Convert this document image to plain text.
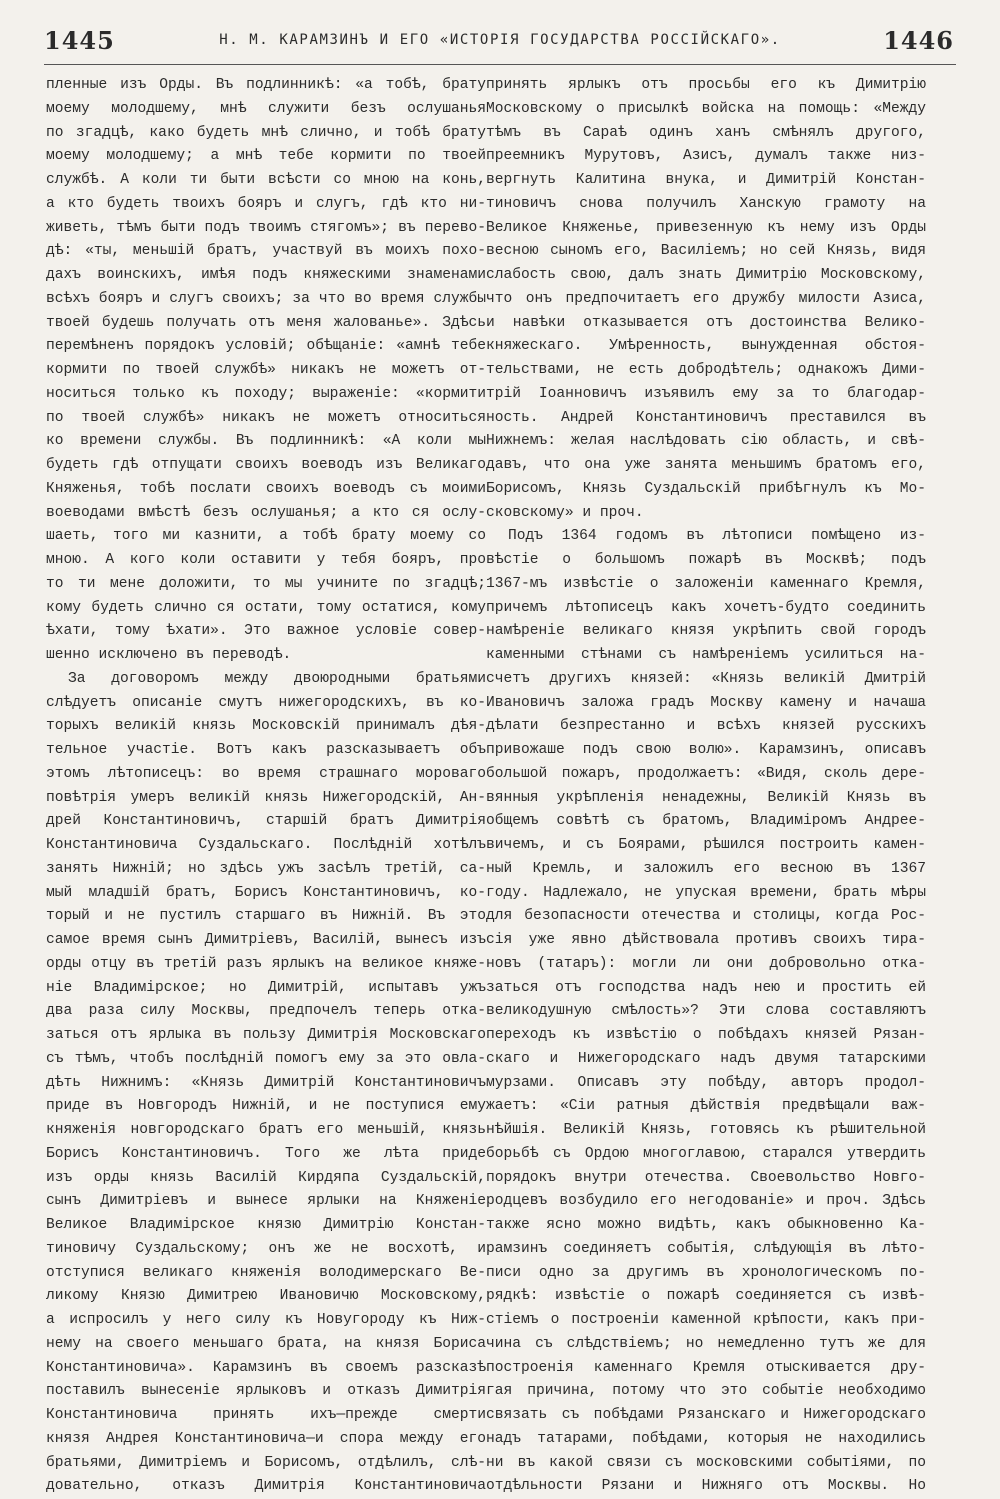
1445	Н. М. КАРАМЗИНЪ И ЕГО «ИСТОРІЯ ГОСУДАРСТВА РОССІЙСКАГО».	1446
пленные изъ Орды. Въ подлинникѣ: «а тобѣ, брату
моему молодшему, мнѣ служити безъ ослушанья
по згадцѣ, како будеть мнѣ слично, и тобѣ брату
моему молодшему; а мнѣ тебе кормити по твоей
службѣ. А коли ти быти всѣсти со мною на конь,
а кто будеть твоихъ бояръ и слугъ, гдѣ кто ни-
живеть, тѣмъ быти подъ твоимъ стягомъ»; въ перево-
дѣ: «ты, меньшій братъ, участвуй въ моихъ похо-
дахъ воинскихъ, имѣя подъ княжескими знаменами
всѣхъ бояръ и слугъ своихъ; за что во время службы
твоей будешь получать отъ меня жалованье». Здѣсь
перемѣненъ порядокъ условій; обѣщаніе: «амнѣ тебе
кормити по твоей службѣ» никакъ не можетъ от-
носиться только къ походу; выраженіе: «кормити
по твоей службѣ» никакъ не можетъ относиться
ко времени службы. Въ подлинникѣ: «А коли мы
будеть гдѣ отпущати своихъ воеводъ изъ Великаго
Княженья, тобѣ послати своихъ воеводъ съ моими
воеводами вмѣстѣ безъ ослушанья; а кто ся ослу-
шаеть, того ми казнити, а тобѣ брату моему со
мною. А кого коли оставити у тебя бояръ, про
то ти мене доложити, то мы учините по згадцѣ;
кому будеть слично ся остати, тому остатися, кому
ѣхати, тому ѣхати». Это важное условіе совер-
шенно исключено въ переводѣ.
За договоромъ между двоюродными братьями
слѣдуетъ описаніе смутъ нижегородскихъ, въ ко-
торыхъ великій князь Московскій принималъ дѣя-
тельное участіе. Вотъ какъ разсказываетъ объ
этомъ лѣтописецъ: во время страшнаго мороваго
повѣтрія умеръ великій князь Нижегородскій, Ан-
дрей Константиновичъ, старшій братъ Димитрія
Константиновича Суздальскаго. Послѣдній хотѣлъ
занять Нижній; но здѣсь ужъ засѣлъ третій, са-
мый младшій братъ, Борисъ Константиновичъ, ко-
торый и не пустилъ старшаго въ Нижній. Въ это
самое время сынъ Димитріевъ, Василій, вынесъ изъ
орды отцу въ третій разъ ярлыкъ на великое княже-
ніе Владимірское; но Димитрій, испытавъ ужъ
два раза силу Москвы, предпочелъ теперь отка-
заться отъ ярлыка въ пользу Димитрія Московскаго
съ тѣмъ, чтобъ послѣдній помогъ ему за это овла-
дѣть Нижнимъ: «Князь Димитрій Константиновичъ
приде въ Новгородъ Нижній, и не поступися ему
княженія новгородскаго братъ его меньшій, князь
Борисъ Константиновичъ. Того же лѣта приде
изъ орды князь Василій Кирдяпа Суздальскій,
сынъ Димитріевъ и вынесе ярлыки на Княженіе
Великое Владимірское князю Димитрію Констан-
тиновичу Суздальскому; онъ же не восхотѣ, и
отступися великаго княженія володимерскаго Ве-
ликому Князю Димитрею Ивановичю Московскому,
а испросилъ у него силу къ Новугороду къ Ниж-
нему на своего меньшаго брата, на князя Бориса
Константиновича». Карамзинъ въ своемъ разсказѣ
поставилъ вынесеніе ярлыковъ и отказъ Димитрія
Константиновича принять ихъ—прежде смерти
князя Андрея Константиновича—и спора между его
братьями, Димитріемъ и Борисомъ, отдѣлилъ, слѣ-
довательно, отказъ Димитрія Константиновича
принять ярлыкъ отъ просьбы его къ Димитрію
Московскому о присылкѣ войска на помощь: «Между
тѣмъ въ Сараѣ одинъ ханъ смѣнялъ другого,
преемникъ Мурутовъ, Азисъ, думалъ также низ-
вергнуть Калитина внука, и Димитрій Констан-
тиновичъ снова получилъ Ханскую грамоту на
Великое Княженье, привезенную къ нему изъ Орды
весною сыномъ его, Василіемъ; но сей Князь, видя
слабость свою, далъ знать Димитрію Московскому,
что онъ предпочитаетъ его дружбу милости Азиса,
и навѣки отказывается отъ достоинства Велико-
княжескаго. Умѣренность, вынужденная обстоя-
тельствами, не есть добродѣтель; однакожъ Дими-
трій Іоанновичъ изъявилъ ему за то благодар-
ность. Андрей Константиновичъ преставился въ
Нижнемъ: желая наслѣдовать сію область, и свѣ-
давъ, что она уже занята меньшимъ братомъ его,
Борисомъ, Князь Суздальскій прибѣгнулъ къ Мо-
сковскому» и проч.
Подъ 1364 годомъ въ лѣтописи помѣщено из-
вѣстіе о большомъ пожарѣ въ Москвѣ; подъ
1367-мъ извѣстіе о заложеніи каменнаго Кремля,
причемъ лѣтописецъ какъ хочетъ-будто соединить
намѣреніе великаго князя укрѣпить свой городъ
каменными стѣнами съ намѣреніемъ усилиться на-
счетъ другихъ князей: «Князь великій Дмитрій
Ивановичъ заложа градъ Москву камену и начаша
дѣлати безпрестанно и всѣхъ князей русскихъ
привожаше подъ свою волю». Карамзинъ, описавъ
большой пожаръ, продолжаетъ: «Видя, сколь дере-
вянныя укрѣпленія ненадежны, Великій Князь въ
общемъ совѣтѣ съ братомъ, Владиміромъ Андрее-
вичемъ, и съ Боярами, рѣшился построить камен-
ный Кремль, и заложилъ его весною въ 1367
году. Надлежало, не упуская времени, брать мѣры
для безопасности отечества и столицы, когда Рос-
сія уже явно дѣйствовала противъ своихъ тира-
новъ (татаръ): могли ли они добровольно отка-
заться отъ господства надъ нею и простить ей
великодушную смѣлость»? Эти слова составляютъ
переходъ къ извѣстію о побѣдахъ князей Рязан-
скаго и Нижегородскаго надъ двумя татарскими
мурзами. Описавъ эту побѣду, авторъ продол-
жаетъ: «Сіи ратныя дѣйствія предвѣщали важ-
нѣйшія. Великій Князь, готовясь къ рѣшительной
борьбѣ съ Ордою многоглавою, старался утвердить
порядокъ внутри отечества. Своевольство Новго-
родцевъ возбудило его негодованіе» и проч. Здѣсь
также ясно можно видѣть, какъ обыкновенно Ка-
рамзинъ соединяетъ событія, слѣдующія въ лѣто-
писи одно за другимъ въ хронологическомъ по-
рядкѣ: извѣстіе о пожарѣ соединяется съ извѣ-
стіемъ о построеніи каменной крѣпости, какъ при-
чина съ слѣдствіемъ; но немедленно тутъ же для
построенія каменнаго Кремля отыскивается дру-
гая причина, потому что это событіе необходимо
связать съ побѣдами Рязанскаго и Нижегородскаго
надъ татарами, побѣдами, которыя не находились
ни въ какой связи съ московскими событіями, по
отдѣльности Рязани и Нижняго отъ Москвы. Но
